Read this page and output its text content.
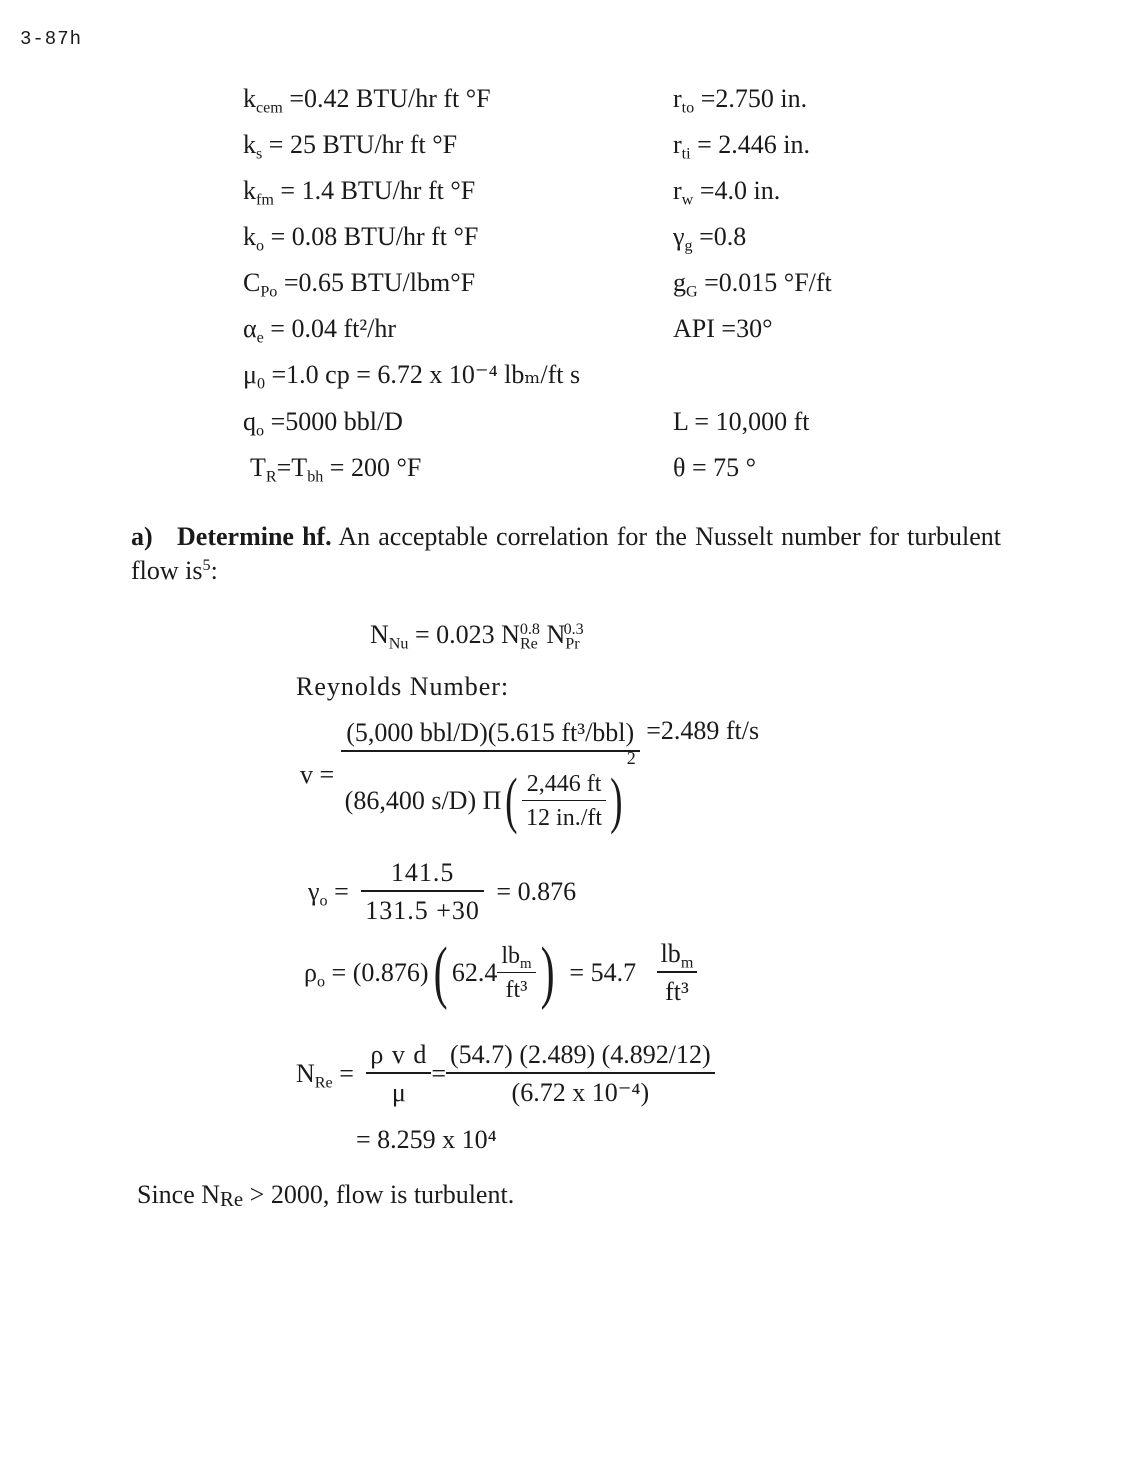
3-87h
$k_{cem} =0.42$ BTU/hr ft °F
$k_s = 25$ BTU/hr ft °F
$k_{fm} = 1.4$ BTU/hr ft °F
$k_o = 0.08$ BTU/hr ft °F
$C_{Po} =0.65$ BTU/lbm°F
$\alpha_e = 0.04$ ft²/hr
$\mu_0 =1.0$ cp = 6.72 x 10⁻⁴ lbₘ/ft s
$q_o =5000$ bbl/D
$T_R=T_{bh} = 200$ °F
$r_{to} =2.750$ in.
$r_{ti} = 2.446$ in.
$r_w =4.0$ in.
$\gamma_g =0.8$
$g_G =0.015$ °F/ft
API =30°
L = 10,000 ft
θ = 75 °
a) Determine hf. An acceptable correlation for the Nusselt number for turbulent flow $is^5$:
$N_{Nu} = 0.023$ $N_{Re}^{0.8}$ $N_{Pr}^{0.3}$
Reynolds Number:
$v = \frac{\text{(5,000 bbl/D)(5.615 ft³/bbl)}}{(86,400 s/D) \Pi( \frac{2,446 ft}{12 in./ft} )^2} =2.489$ ft/s
$\gamma_o = \frac{141.5}{131.5 +30} = 0.876$
$\rho_o = (0.876)$( $62.4 \frac{lb_m}{\text{ft³}}$ ) = $54.7 \frac{lb_m}{\text{ft³}}$
$N_{Re} = \frac{\text{ρ v d}}{\mu} = \frac{(54.7) (2.489) (4.892/12)}{\text{(6.72 x 10⁻⁴)}}$
= 8.259 x 10⁴
Since $N_{Re} > 2000$, flow is turbulent.
